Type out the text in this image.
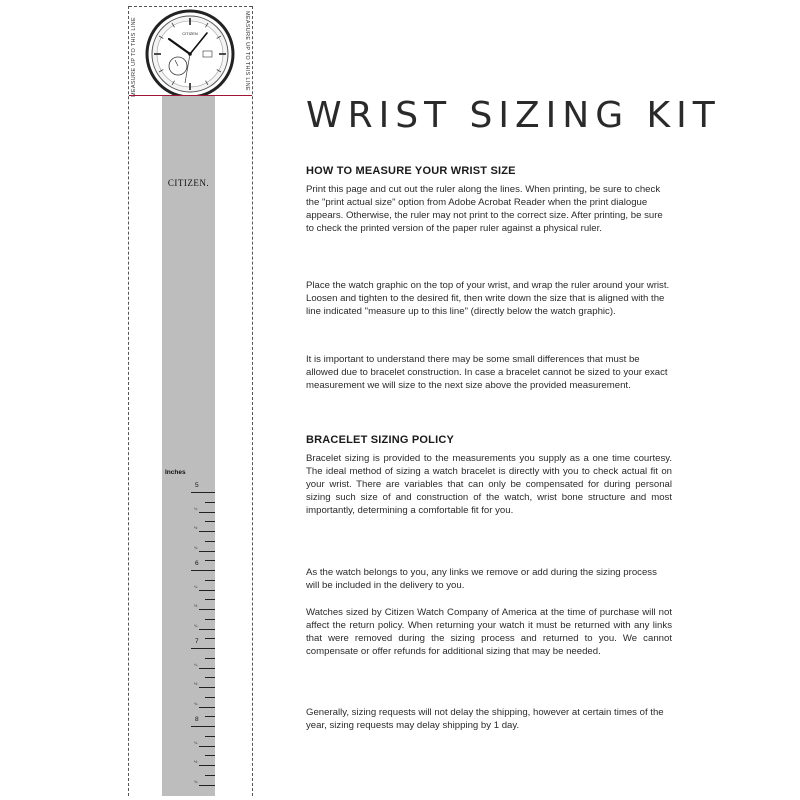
MEASURE UP TO THIS LINE	MEASURE UP TO THIS LINE
CITIZEN
CITIZEN.
Inches
5
¼
½
¾
6
¼
½
¾
7
¼
½
¾
8
¼
½
¾
WRIST SIZING KIT
HOW TO MEASURE YOUR WRIST SIZE

Print this page and cut out the ruler along the lines. When printing, be sure to check the "print actual size" option from Adobe Acrobat Reader when the print dialogue appears. Otherwise, the ruler may not print to the correct size. After printing, be sure to check the printed version of the paper ruler against a physical ruler.

Place the watch graphic on the top of your wrist, and wrap the ruler around your wrist. Loosen and tighten to the desired fit, then write down the size that is aligned with the line indicated "measure up to this line" (directly below the watch graphic).

It is important to understand there may be some small differences that must be allowed due to bracelet construction. In case a bracelet cannot be sized to your exact measurement we will size to the next size above the provided measurement.

BRACELET SIZING POLICY

Bracelet sizing is provided to the measurements you supply as a one time courtesy. The ideal method of sizing a watch bracelet is directly with you to check actual fit on your wrist. There are variables that can only be compensated for during personal sizing such size of and construction of the watch, wrist bone structure and most importantly, determining a comfortable fit for you.

As the watch belongs to you, any links we remove or add during the sizing process will be included in the delivery to you.

Watches sized by Citizen Watch Company of America at the time of purchase will not affect the return policy. When returning your watch it must be returned with any links that were removed during the sizing process and returned to you. We cannot compensate or offer refunds for additional sizing that may be needed.

Generally, sizing requests will not delay the shipping, however at certain times of the year, sizing requests may delay shipping by 1 day.
